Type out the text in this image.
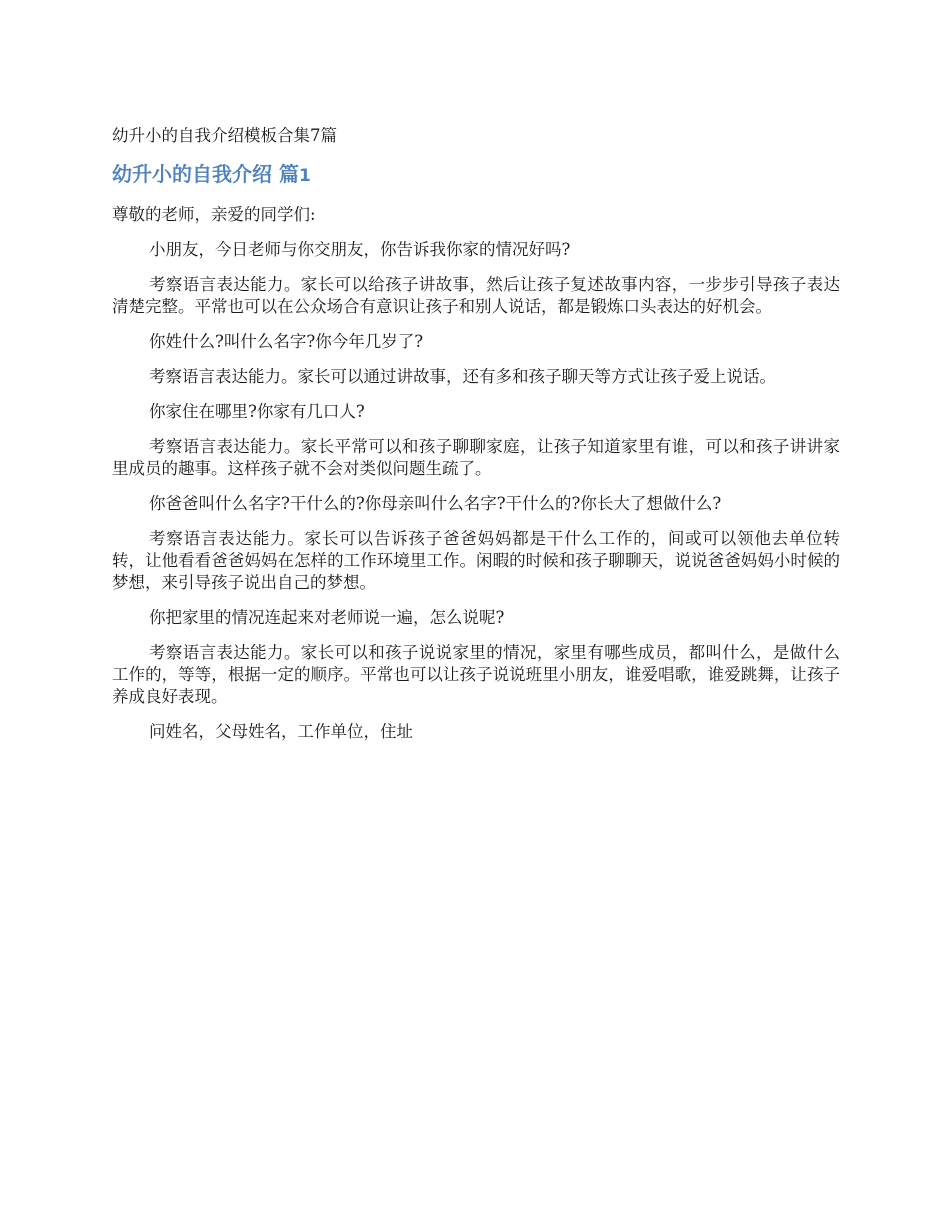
幼升小的自我介绍模板合集7篇
幼升小的自我介绍 篇1

尊敬的老师，亲爱的同学们:

小朋友，今日老师与你交朋友，你告诉我你家的情况好吗?

考察语言表达能力。家长可以给孩子讲故事，然后让孩子复述故事内容，一步步引导孩子表达清楚完整。平常也可以在公众场合有意识让孩子和别人说话，都是锻炼口头表达的好机会。

你姓什么?叫什么名字?你今年几岁了?

考察语言表达能力。家长可以通过讲故事，还有多和孩子聊天等方式让孩子爱上说话。

你家住在哪里?你家有几口人?

考察语言表达能力。家长平常可以和孩子聊聊家庭，让孩子知道家里有谁，可以和孩子讲讲家里成员的趣事。这样孩子就不会对类似问题生疏了。

你爸爸叫什么名字?干什么的?你母亲叫什么名字?干什么的?你长大了想做什么?

考察语言表达能力。家长可以告诉孩子爸爸妈妈都是干什么工作的，间或可以领他去单位转转，让他看看爸爸妈妈在怎样的工作环境里工作。闲暇的时候和孩子聊聊天，说说爸爸妈妈小时候的梦想，来引导孩子说出自己的梦想。

你把家里的情况连起来对老师说一遍，怎么说呢?

考察语言表达能力。家长可以和孩子说说家里的情况，家里有哪些成员，都叫什么，是做什么工作的，等等，根据一定的顺序。平常也可以让孩子说说班里小朋友，谁爱唱歌，谁爱跳舞，让孩子养成良好表现。

问姓名，父母姓名，工作单位，住址
